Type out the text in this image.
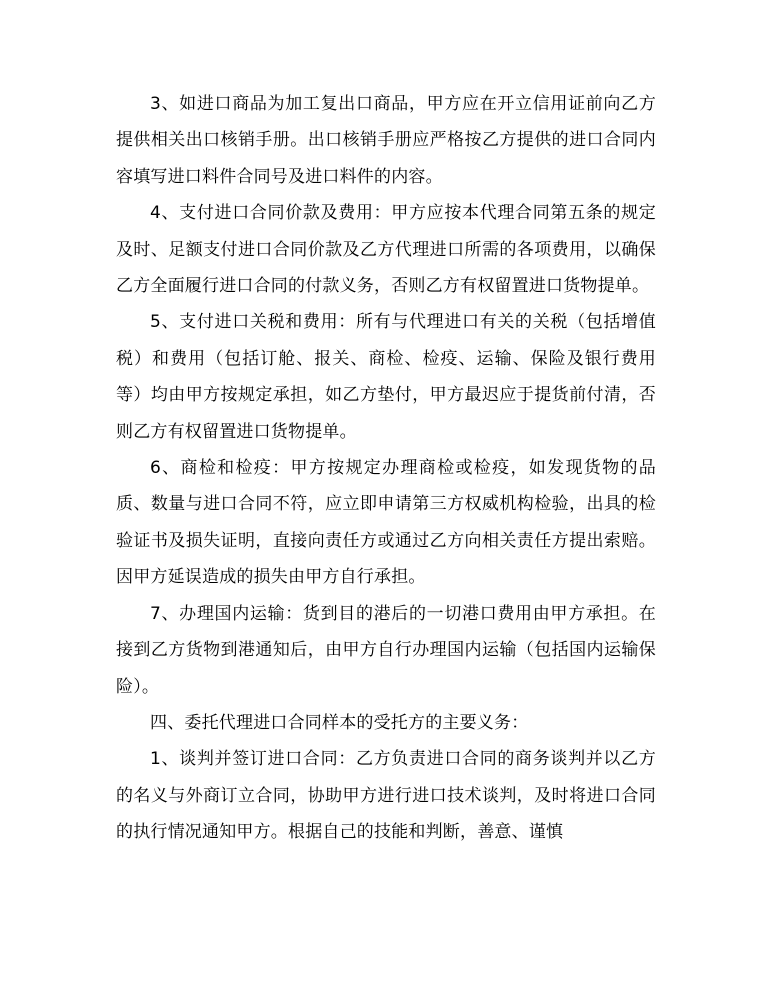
3、如进口商品为加工复出口商品，甲方应在开立信用证前向乙方提供相关出口核销手册。出口核销手册应严格按乙方提供的进口合同内容填写进口料件合同号及进口料件的内容。

4、支付进口合同价款及费用：甲方应按本代理合同第五条的规定及时、足额支付进口合同价款及乙方代理进口所需的各项费用，以确保乙方全面履行进口合同的付款义务，否则乙方有权留置进口货物提单。

5、支付进口关税和费用：所有与代理进口有关的关税（包括增值税）和费用（包括订舱、报关、商检、检疫、运输、保险及银行费用等）均由甲方按规定承担，如乙方垫付，甲方最迟应于提货前付清，否则乙方有权留置进口货物提单。

6、商检和检疫：甲方按规定办理商检或检疫，如发现货物的品质、数量与进口合同不符，应立即申请第三方权威机构检验，出具的检验证书及损失证明，直接向责任方或通过乙方向相关责任方提出索赔。因甲方延误造成的损失由甲方自行承担。

7、办理国内运输：货到目的港后的一切港口费用由甲方承担。在接到乙方货物到港通知后，由甲方自行办理国内运输（包括国内运输保险）。

四、委托代理进口合同样本的受托方的主要义务：

1、谈判并签订进口合同：乙方负责进口合同的商务谈判并以乙方的名义与外商订立合同，协助甲方进行进口技术谈判，及时将进口合同的执行情况通知甲方。根据自己的技能和判断，善意、谨慎
